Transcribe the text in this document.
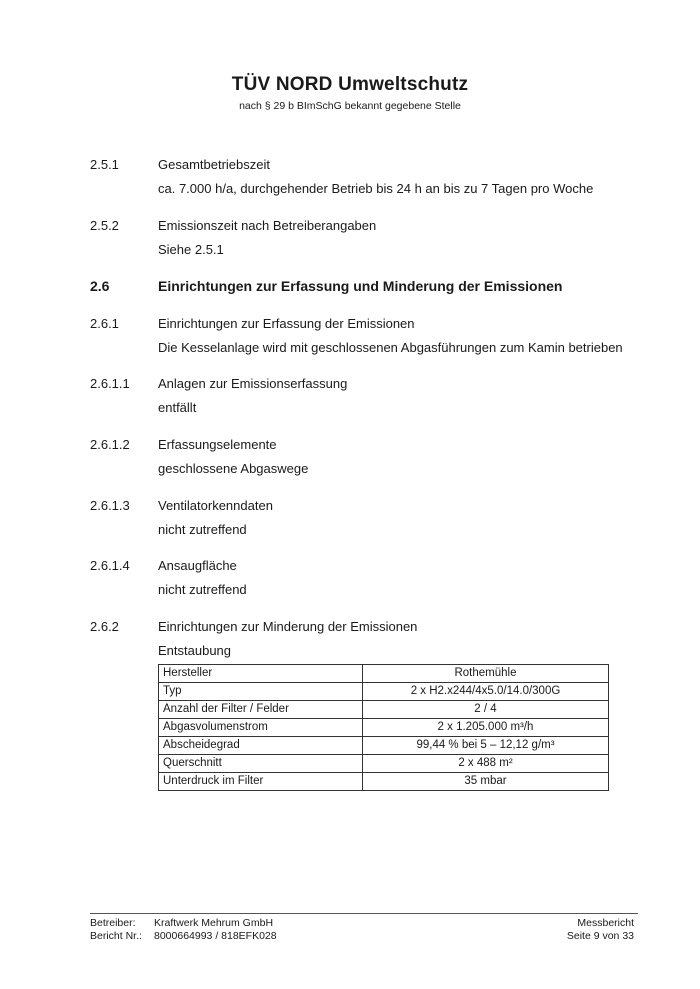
TÜV NORD Umweltschutz
nach § 29 b BImSchG bekannt gegebene Stelle
2.5.1	Gesamtbetriebszeit
ca. 7.000 h/a, durchgehender Betrieb bis 24 h an bis zu 7 Tagen pro Woche
2.5.2	Emissionszeit nach Betreiberangaben
Siehe 2.5.1
2.6	Einrichtungen zur Erfassung und Minderung der Emissionen
2.6.1	Einrichtungen zur Erfassung der Emissionen
Die Kesselanlage wird mit geschlossenen Abgasführungen zum Kamin betrieben
2.6.1.1 Anlagen zur Emissionserfassung
entfällt
2.6.1.2 Erfassungselemente
geschlossene Abgaswege
2.6.1.3 Ventilatorkenndaten
nicht zutreffend
2.6.1.4 Ansaugfläche
nicht zutreffend
2.6.2	Einrichtungen zur Minderung der Emissionen
Entstaubung
Hersteller	Rothemühle
Typ	2 x H2.x244/4x5.0/14.0/300G
Anzahl der Filter / Felder	2 / 4
Abgasvolumenstrom	2 x 1.205.000 m³/h
Abscheidegrad	99,44 % bei 5 – 12,12 g/m³
Querschnitt	2 x 488 m²
Unterdruck im Filter	35 mbar
Betreiber:
Bericht Nr.:
Kraftwerk Mehrum GmbH
8000664993 / 818EFK028
Messbericht
Seite 9 von 33
